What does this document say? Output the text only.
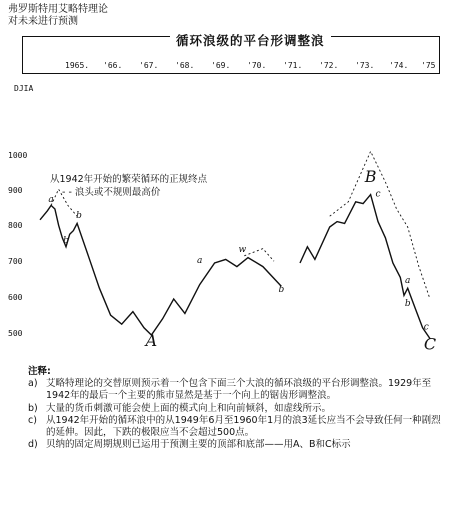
弗罗斯特用艾略特理论
对未来进行预测
1965. '66. '67. '68. '69. '70. '71. '72. '73. '74. '75
循环浪级的平台形调整浪
DJIA
1000
900
800
700
600
500
a
b
b
A
a
w
b
B
c
a
b
c
C
从1942年开始的繁荣循环的正规终点
- - 浪头或不规则最高价
注释:
a) 艾略特理论的交替原则预示着一个包含下面三个大浪的循环浪级的平台形调整浪。1929年至1942年的最后一个主要的熊市显然是基于一个向上的锯齿形调整浪。
b) 大量的货币刺激可能会使上面的模式向上和向前倾斜，如虚线所示。
c) 从1942年开始的循环浪中的从1949年6月至1960年1月的浪3延长应当不会导致任何一种剧烈的延伸。因此，下跌的极限应当不会超过500点。
d) 贝纳的固定周期规则已运用于预测主要的顶部和底部——用A、B和C标示
